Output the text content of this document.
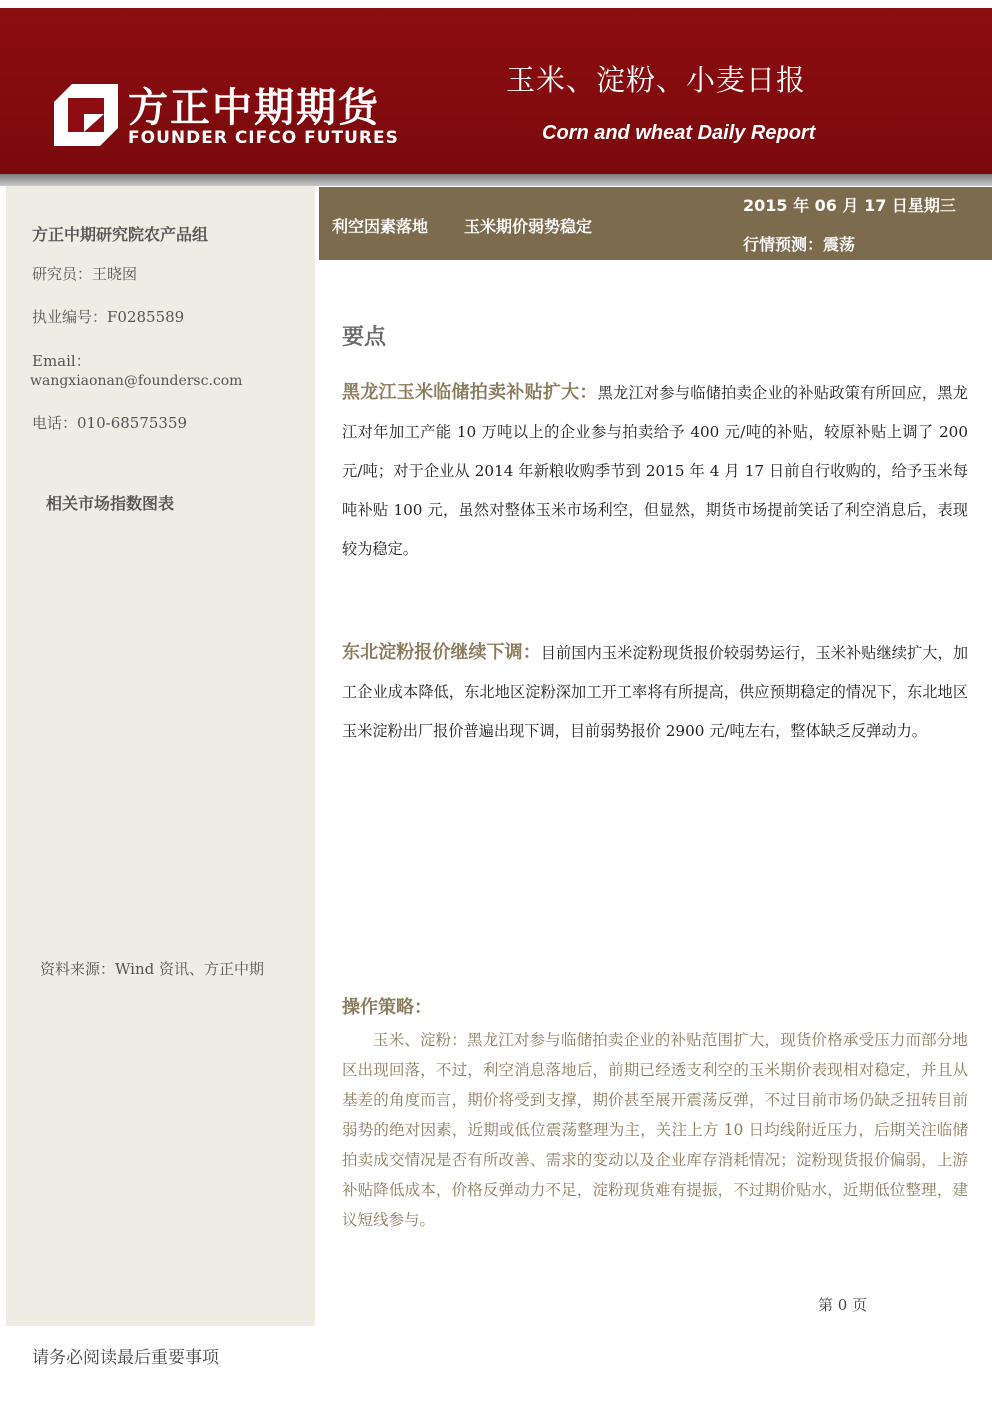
方正中期期货
FOUNDER CIFCO FUTURES
玉米、淀粉、小麦日报
Corn and wheat Daily Report
方正中期研究院农产品组
研究员：王晓囡
执业编号：F0285589
Email：
wangxiaonan@foundersc.com
电话：010-68575359
相关市场指数图表
资料来源：Wind 资讯、方正中期
利空因素落地 玉米期价弱势稳定
2015 年 06 月 17 日星期三
行情预测：震荡
要点
黑龙江玉米临储拍卖补贴扩大：黑龙江对参与临储拍卖企业的补贴政策有所回应，黑龙江对年加工产能 10 万吨以上的企业参与拍卖给予 400 元/吨的补贴，较原补贴上调了 200 元/吨；对于企业从 2014 年新粮收购季节到 2015 年 4 月 17 日前自行收购的，给予玉米每吨补贴 100 元，虽然对整体玉米市场利空，但显然，期货市场提前笑话了利空消息后，表现较为稳定。
东北淀粉报价继续下调：目前国内玉米淀粉现货报价较弱势运行，玉米补贴继续扩大，加工企业成本降低，东北地区淀粉深加工开工率将有所提高，供应预期稳定的情况下，东北地区玉米淀粉出厂报价普遍出现下调，目前弱势报价 2900 元/吨左右，整体缺乏反弹动力。
操作策略：
玉米、淀粉：黑龙江对参与临储拍卖企业的补贴范围扩大，现货价格承受压力而部分地区出现回落，不过，利空消息落地后，前期已经透支利空的玉米期价表现相对稳定，并且从基差的角度而言，期价将受到支撑，期价甚至展开震荡反弹，不过目前市场仍缺乏扭转目前弱势的绝对因素，近期或低位震荡整理为主，关注上方 10 日均线附近压力，后期关注临储拍卖成交情况是否有所改善、需求的变动以及企业库存消耗情况；淀粉现货报价偏弱，上游补贴降低成本，价格反弹动力不足，淀粉现货难有提振，不过期价贴水，近期低位整理，建议短线参与。
第 0 页
请务必阅读最后重要事项
